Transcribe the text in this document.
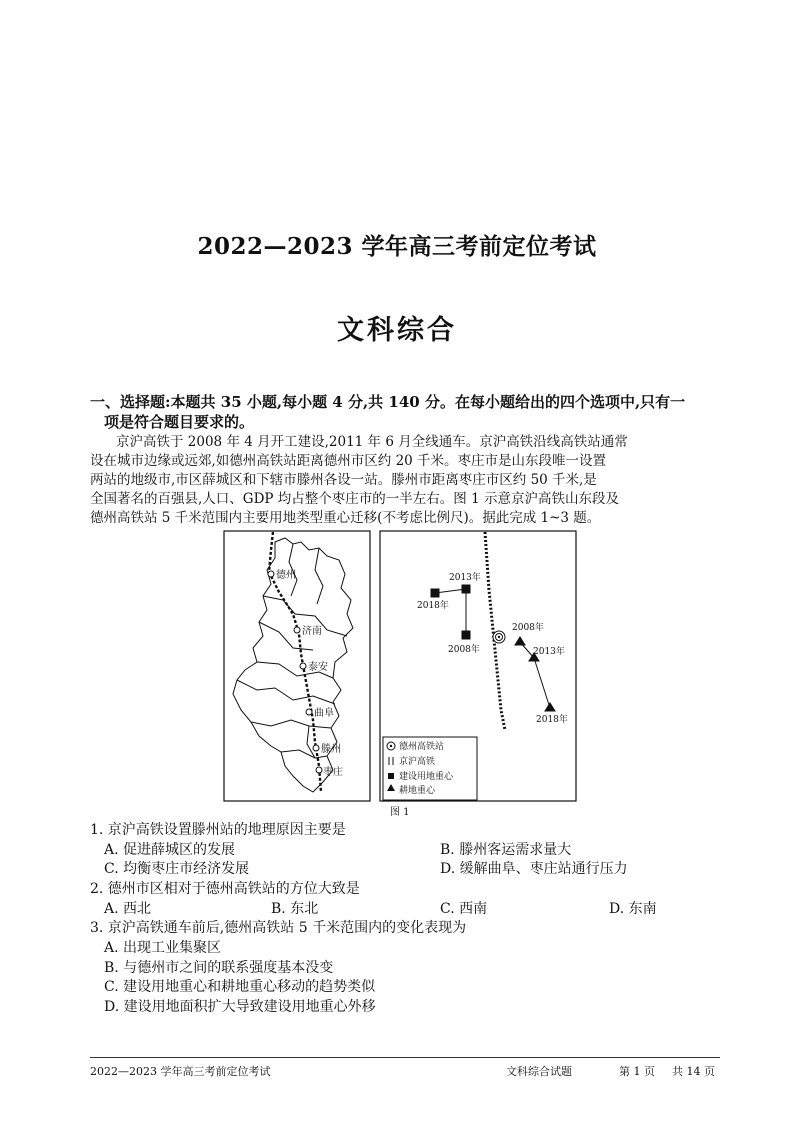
2022—2023 学年高三考前定位考试
文科综合
一、选择题:本题共 35 小题,每小题 4 分,共 140 分。在每小题给出的四个选项中,只有一
项是符合题目要求的。
京沪高铁于 2008 年 4 月开工建设,2011 年 6 月全线通车。京沪高铁沿线高铁站通常
设在城市边缘或远郊,如德州高铁站距离德州市区约 20 千米。枣庄市是山东段唯一设置
两站的地级市,市区薛城区和下辖市滕州各设一站。滕州市距离枣庄市区约 50 千米,是
全国著名的百强县,人口、GDP 均占整个枣庄市的一半左右。图 1 示意京沪高铁山东段及
德州高铁站 5 千米范围内主要用地类型重心迁移(不考虑比例尺)。据此完成 1~3 题。
德州
济南
泰安
曲阜
滕州
枣庄
2013年
2018年
2008年
2008年
2013年
2018年
德州高铁站
京沪高铁
建设用地重心
耕地重心
图 1
1. 京沪高铁设置滕州站的地理原因主要是
A. 促进薛城区的发展	B. 滕州客运需求量大
C. 均衡枣庄市经济发展	D. 缓解曲阜、枣庄站通行压力
2. 德州市区相对于德州高铁站的方位大致是
A. 西北	B. 东北	C. 西南	D. 东南
3. 京沪高铁通车前后,德州高铁站 5 千米范围内的变化表现为
A. 出现工业集聚区
B. 与德州市之间的联系强度基本没变
C. 建设用地重心和耕地重心移动的趋势类似
D. 建设用地面积扩大导致建设用地重心外移
2022—2023 学年高三考前定位考试	文科综合试题	第 1 页 共 14 页
